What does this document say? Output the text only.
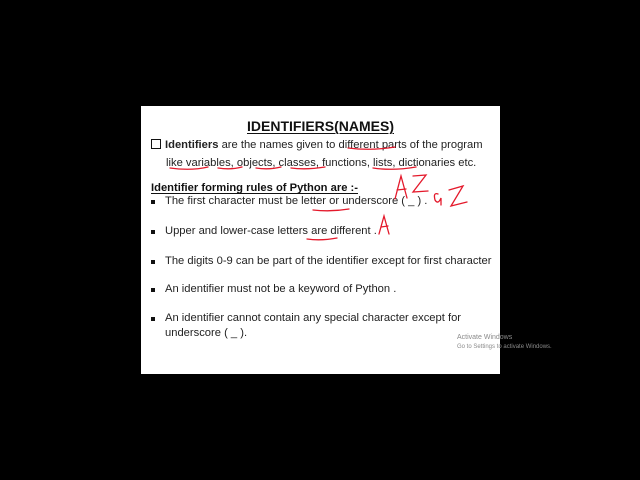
IDENTIFIERS(NAMES)
Identifiers are the names given to different parts of the program
like variables, objects, classes, functions, lists, dictionaries etc.
Identifier forming rules of Python are :-
The first character must be letter or underscore ( _ ) .
Upper and lower-case letters are different .
The digits 0-9 can be part of the identifier except for first character
An identifier must not be a keyword of Python .
An identifier cannot contain any special character except for underscore ( _ ).	Activate Windows
Go to Settings to activate Windows.
